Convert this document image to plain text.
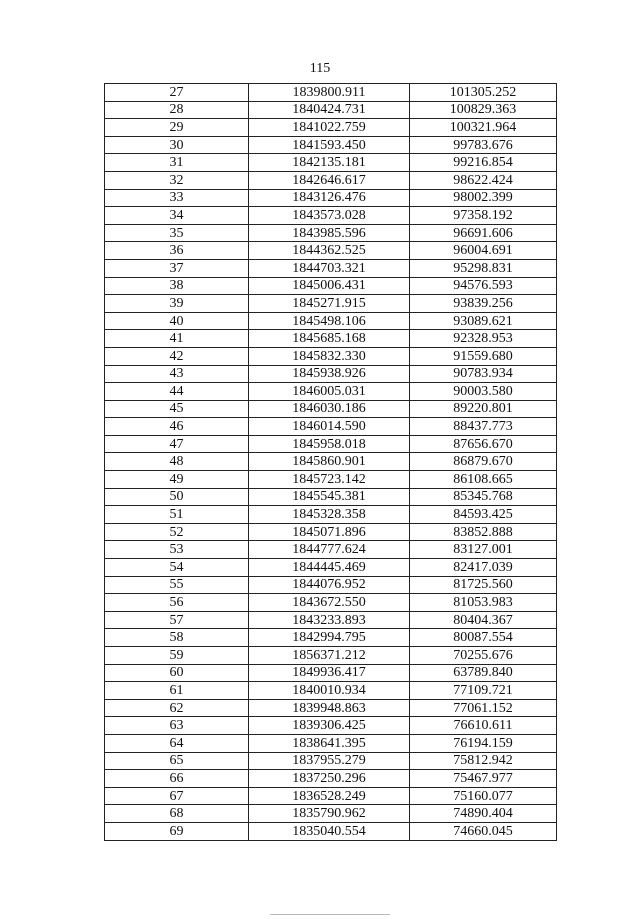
115
27	1839800.911	101305.252
28	1840424.731	100829.363
29	1841022.759	100321.964
30	1841593.450	99783.676
31	1842135.181	99216.854
32	1842646.617	98622.424
33	1843126.476	98002.399
34	1843573.028	97358.192
35	1843985.596	96691.606
36	1844362.525	96004.691
37	1844703.321	95298.831
38	1845006.431	94576.593
39	1845271.915	93839.256
40	1845498.106	93089.621
41	1845685.168	92328.953
42	1845832.330	91559.680
43	1845938.926	90783.934
44	1846005.031	90003.580
45	1846030.186	89220.801
46	1846014.590	88437.773
47	1845958.018	87656.670
48	1845860.901	86879.670
49	1845723.142	86108.665
50	1845545.381	85345.768
51	1845328.358	84593.425
52	1845071.896	83852.888
53	1844777.624	83127.001
54	1844445.469	82417.039
55	1844076.952	81725.560
56	1843672.550	81053.983
57	1843233.893	80404.367
58	1842994.795	80087.554
59	1856371.212	70255.676
60	1849936.417	63789.840
61	1840010.934	77109.721
62	1839948.863	77061.152
63	1839306.425	76610.611
64	1838641.395	76194.159
65	1837955.279	75812.942
66	1837250.296	75467.977
67	1836528.249	75160.077
68	1835790.962	74890.404
69	1835040.554	74660.045
